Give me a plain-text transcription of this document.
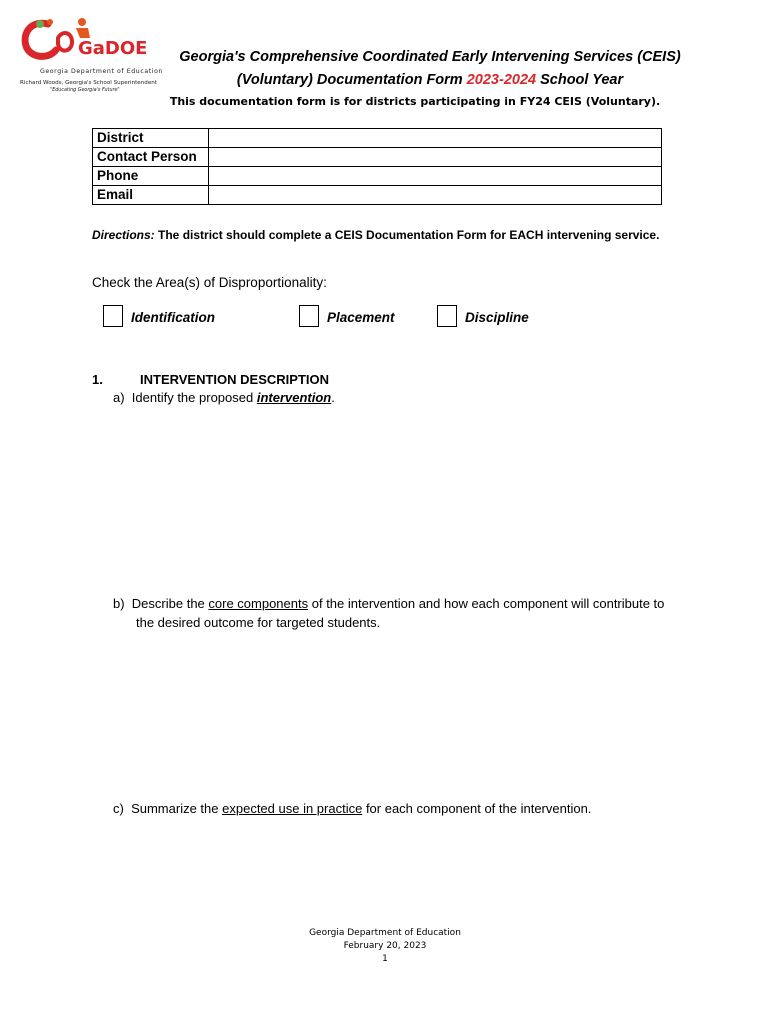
GaDOE
Georgia Department of Education
Richard Woods, Georgia's School Superintendent
"Educating Georgia's Future"
Georgia's Comprehensive Coordinated Early Intervening Services (CEIS)
(Voluntary) Documentation Form 2023-2024 School Year
This documentation form is for districts participating in FY24 CEIS (Voluntary).
District	
Contact Person	
Phone	
Email	
Directions: The district should complete a CEIS Documentation Form for EACH intervening service.
Check the Area(s) of Disproportionality:
Identification	Placement	Discipline
1.	INTERVENTION DESCRIPTION
a) Identify the proposed intervention.
b) Describe the core components of the intervention and how each component will contribute to
the desired outcome for targeted students.
c) Summarize the expected use in practice for each component of the intervention.
Georgia Department of Education
February 20, 2023
1
